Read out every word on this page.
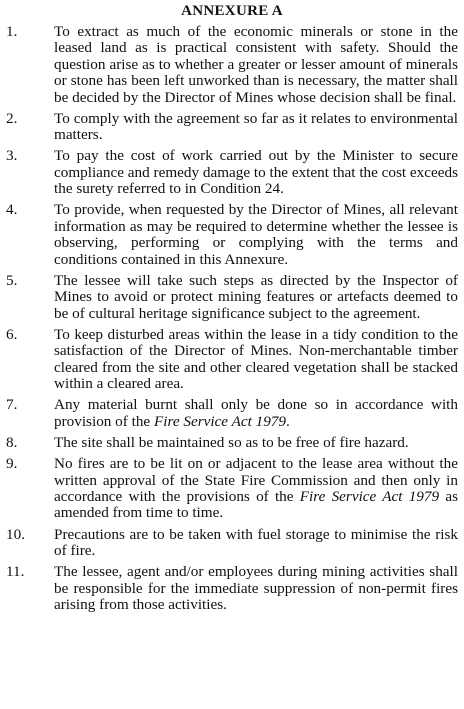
ANNEXURE A
1.	To extract as much of the economic minerals or stone in the leased land as is practical consistent with safety. Should the question arise as to whether a greater or lesser amount of minerals or stone has been left unworked than is necessary, the matter shall be decided by the Director of Mines whose decision shall be final.
2.	To comply with the agreement so far as it relates to environmental matters.
3.	To pay the cost of work carried out by the Minister to secure compliance and remedy damage to the extent that the cost exceeds the surety referred to in Condition 24.
4.	To provide, when requested by the Director of Mines, all relevant information as may be required to determine whether the lessee is observing, performing or complying with the terms and conditions contained in this Annexure.
5.	The lessee will take such steps as directed by the Inspector of Mines to avoid or protect mining features or artefacts deemed to be of cultural heritage significance subject to the agreement.
6.	To keep disturbed areas within the lease in a tidy condition to the satisfaction of the Director of Mines. Non-merchantable timber cleared from the site and other cleared vegetation shall be stacked within a cleared area.
7.	Any material burnt shall only be done so in accordance with provision of the Fire Service Act 1979.
8.	The site shall be maintained so as to be free of fire hazard.
9.	No fires are to be lit on or adjacent to the lease area without the written approval of the State Fire Commission and then only in accordance with the provisions of the Fire Service Act 1979 as amended from time to time.
10.	Precautions are to be taken with fuel storage to minimise the risk of fire.
11.	The lessee, agent and/or employees during mining activities shall be responsible for the immediate suppression of non-permit fires arising from those activities.
